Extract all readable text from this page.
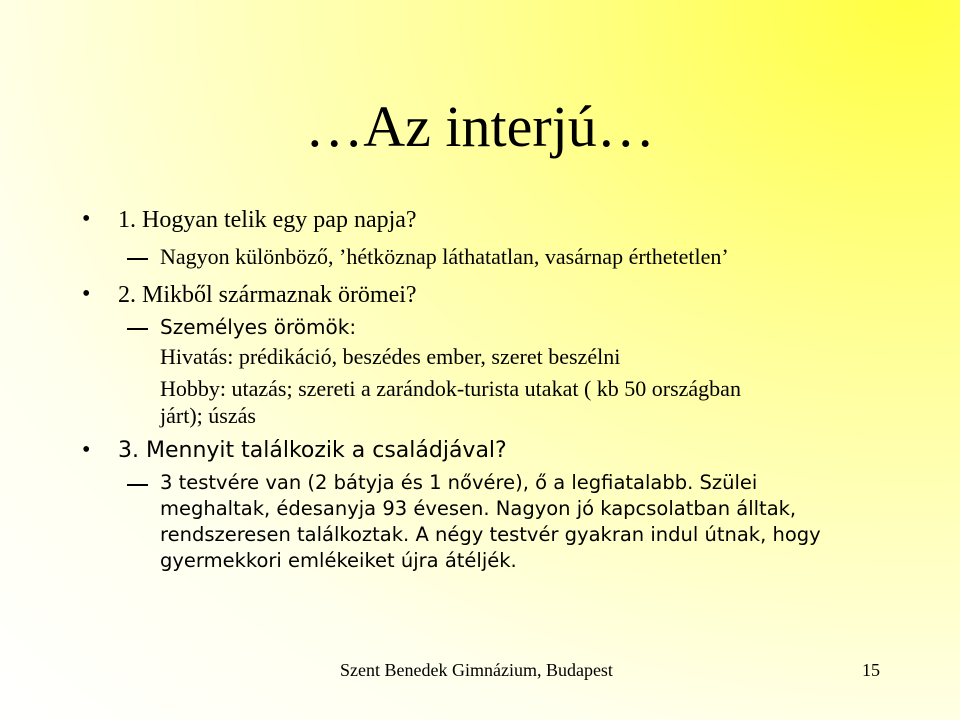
…Az interjú…
•	1. Hogyan telik egy pap napja?
Nagyon különböző, ’hétköznap láthatatlan, vasárnap érthetetlen’
•	2. Mikből származnak örömei?
Személyes örömök:
Hivatás: prédikáció, beszédes ember, szeret beszélni
Hobby: utazás; szereti a zarándok-turista utakat ( kb 50 országban
járt); úszás
•	3. Mennyit találkozik a családjával?
3 testvére van (2 bátyja és 1 nővére), ő a legfiatalabb. Szülei
meghaltak, édesanyja 93 évesen. Nagyon jó kapcsolatban álltak,
rendszeresen találkoztak. A négy testvér gyakran indul útnak, hogy
gyermekkori emlékeiket újra átéljék.
Szent Benedek Gimnázium, Budapest	15
